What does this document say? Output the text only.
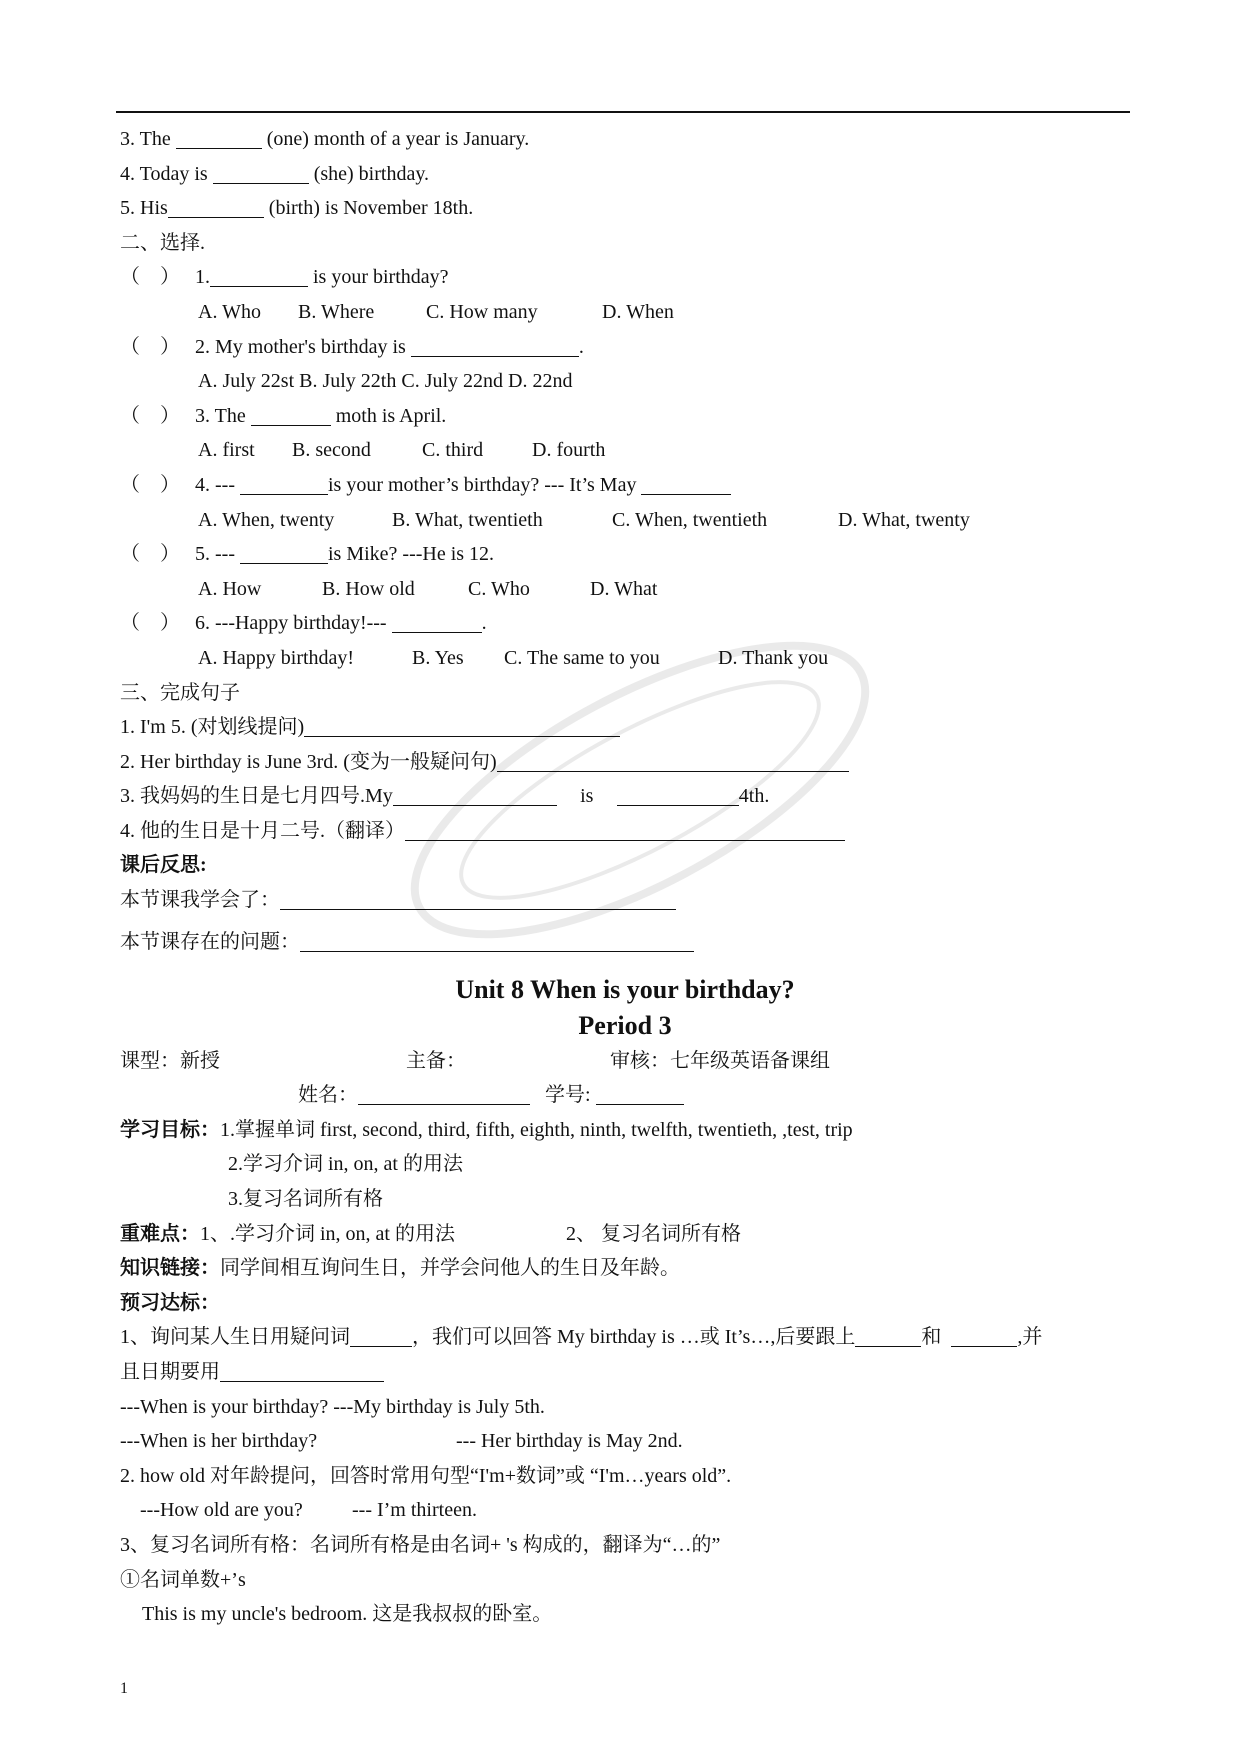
3. The	(one) month of a year is January.
4. Today is	(she) birthday.
5. His	(birth) is November 18th.
二、选择.
（ ） 1.	is your birthday?
A. Who B. Where	C. How many	D. When
（ ） 2. My mother's birthday is	.
A. July 22st B. July 22th C. July 22nd D. 22nd
（ ） 3. The	moth is April.
A. first B. second	C. third D. fourth
（ ） 4. ---	is your mother’s birthday? --- It’s May
A. When, twenty	B. What, twentieth	C. When, twentieth	D. What, twenty
（ ） 5. ---	is Mike? ---He is 12.
A. How	B. How old	C. Who	D. What
（ ） 6. ---Happy birthday!---	.
A. Happy birthday!	B. Yes C. The same to you	D. Thank you
三、完成句子
1. I'm 5. (对划线提问)
2. Her birthday is June 3rd. (变为一般疑问句)
3. 我妈妈的生日是七月四号.My	is	4th.
4. 他的生日是十月二号.（翻译）
课后反思:
本节课我学会了：
本节课存在的问题：
Unit 8 When is your birthday?
Period 3
课型：新授	主备：	审核：七年级英语备课组
姓名：	学号:
学习目标：1.掌握单词 first, second, third, fifth, eighth, ninth, twelfth, twentieth, ,test, trip
2.学习介词 in, on, at 的用法
3.复习名词所有格
重难点：1、.学习介词 in, on, at 的用法	2、 复习名词所有格
知识链接：同学间相互询问生日，并学会问他人的生日及年龄。
预习达标：
1、询问某人生日用疑问词	，我们可以回答 My birthday is …或 It’s…,后要跟上	和	,并
且日期要用
---When is your birthday? ---My birthday is July 5th.
---When is her birthday?	--- Her birthday is May 2nd.
2. how old 对年龄提问，回答时常用句型“I'm+数词”或 “I'm…years old”.
---How old are you? --- I’m thirteen.
3、复习名词所有格：名词所有格是由名词+ 's 构成的，翻译为“…的”
①名词单数+’s
This is my uncle's bedroom. 这是我叔叔的卧室。
1
